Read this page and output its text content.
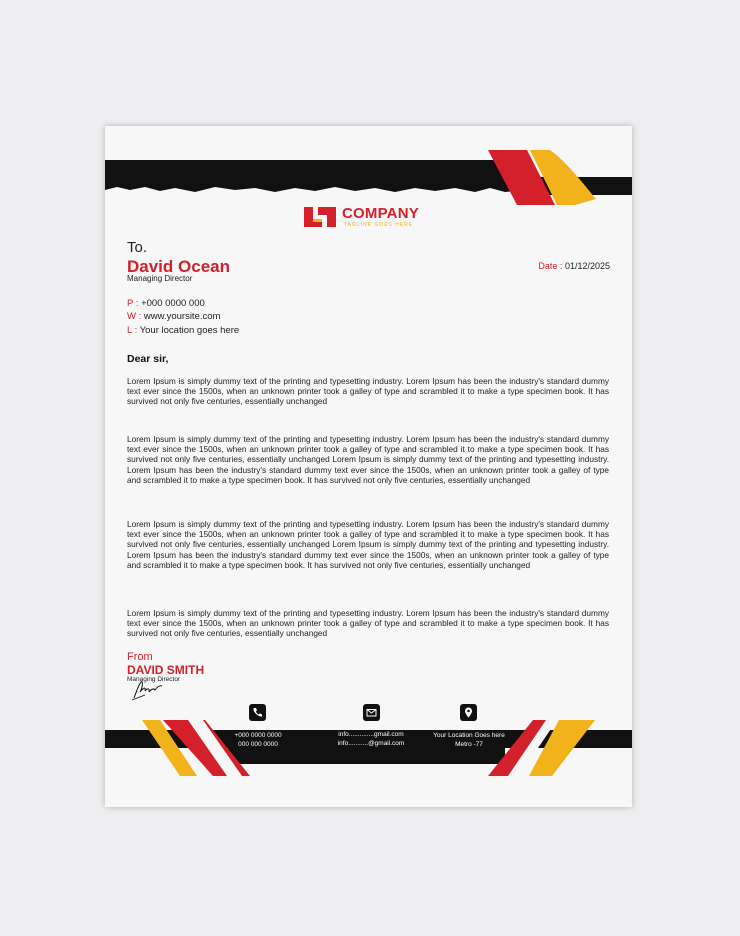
COMPANY
TAGLINE GOES HERE
To.
David Ocean
Managing Director
Date : 01/12/2025
P : +000 0000 000
W : www.yoursite.com
L : Your location goes here
Dear sir,

Lorem Ipsum is simply dummy text of the printing and typesetting industry. Lorem Ipsum has been the industry's standard dummy text ever since the 1500s, when an unknown printer took a galley of type and scrambled it to make a type specimen book. It has survived not only five centuries, essentially unchanged

Lorem Ipsum is simply dummy text of the printing and typesetting industry. Lorem Ipsum has been the industry's standard dummy text ever since the 1500s, when an unknown printer took a galley of type and scrambled it to make a type specimen book. It has survived not only five centuries, essentially unchanged Lorem Ipsum is simply dummy text of the printing and typesetting industry. Lorem Ipsum has been the industry's standard dummy text ever since the 1500s, when an unknown printer took a galley of type and scrambled it to make a type specimen book. It has survived not only five centuries, essentially unchanged

Lorem Ipsum is simply dummy text of the printing and typesetting industry. Lorem Ipsum has been the industry's standard dummy text ever since the 1500s, when an unknown printer took a galley of type and scrambled it to make a type specimen book. It has survived not only five centuries, essentially unchanged Lorem Ipsum is simply dummy text of the printing and typesetting industry. Lorem Ipsum has been the industry's standard dummy text ever since the 1500s, when an unknown printer took a galley of type and scrambled it to make a type specimen book. It has survived not only five centuries, essentially unchanged

Lorem Ipsum is simply dummy text of the printing and typesetting industry. Lorem Ipsum has been the industry's standard dummy text ever since the 1500s, when an unknown printer took a galley of type and scrambled it to make a type specimen book. It has survived not only five centuries, essentially unchanged

From
DAVID SMITH
Managing Director
+000 0000 0000
000 000 0000
info..............gmail.com
info...........@gmail.com
Your Location Goes here
Metro -77
